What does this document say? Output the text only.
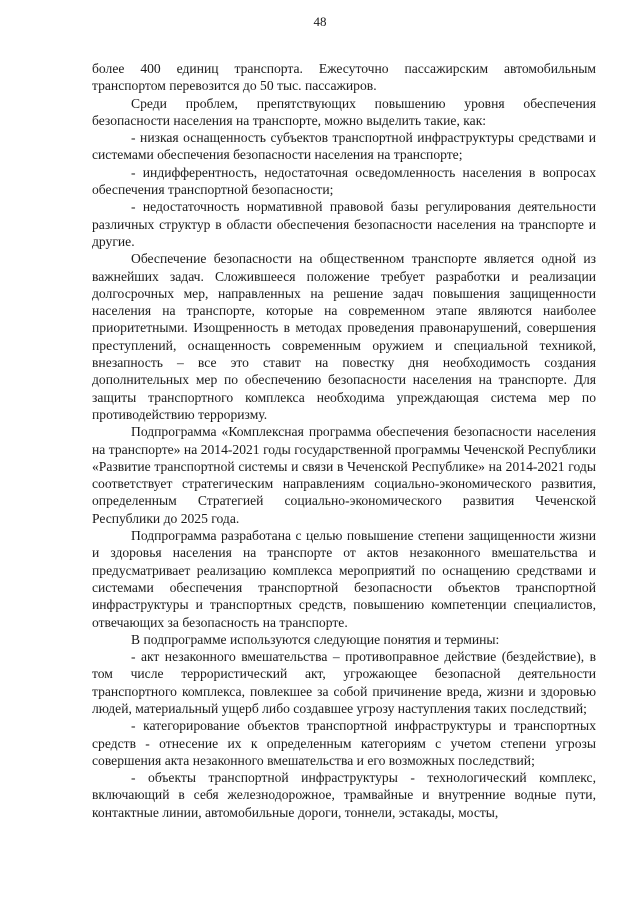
48

более 400 единиц транспорта. Ежесуточно пассажирским автомобильным транспортом перевозится до 50 тыс. пассажиров.

Среди проблем, препятствующих повышению уровня обеспечения безопасности населения на транспорте, можно выделить такие, как:

- низкая оснащенность субъектов транспортной инфраструктуры средствами и системами обеспечения безопасности населения на транспорте;

- индифферентность, недостаточная осведомленность населения в вопросах обеспечения транспортной безопасности;

- недостаточность нормативной правовой базы регулирования деятельности различных структур в области обеспечения безопасности населения на транспорте и другие.

Обеспечение безопасности на общественном транспорте является одной из важнейших задач. Сложившееся положение требует разработки и реализации долгосрочных мер, направленных на решение задач повышения защищенности населения на транспорте, которые на современном этапе являются наиболее приоритетными. Изощренность в методах проведения правонарушений, совершения преступлений, оснащенность современным оружием и специальной техникой, внезапность – все это ставит на повестку дня необходимость создания дополнительных мер по обеспечению безопасности населения на транспорте. Для защиты транспортного комплекса необходима упреждающая система мер по противодействию терроризму.

Подпрограмма «Комплексная программа обеспечения безопасности населения на транспорте» на 2014-2021 годы государственной программы Чеченской Республики «Развитие транспортной системы и связи в Чеченской Республике» на 2014-2021 годы соответствует стратегическим направлениям социально-экономического развития, определенным Стратегией социально-экономического развития Чеченской Республики до 2025 года.

Подпрограмма разработана с целью повышение степени защищенности жизни и здоровья населения на транспорте от актов незаконного вмешательства и предусматривает реализацию комплекса мероприятий по оснащению средствами и системами обеспечения транспортной безопасности объектов транспортной инфраструктуры и транспортных средств, повышению компетенции специалистов, отвечающих за безопасность на транспорте.

В подпрограмме используются следующие понятия и термины:

- акт незаконного вмешательства – противоправное действие (бездействие), в том числе террористический акт, угрожающее безопасной деятельности транспортного комплекса, повлекшее за собой причинение вреда, жизни и здоровью людей, материальный ущерб либо создавшее угрозу наступления таких последствий;

- категорирование объектов транспортной инфраструктуры и транспортных средств - отнесение их к определенным категориям с учетом степени угрозы совершения акта незаконного вмешательства и его возможных последствий;

- объекты транспортной инфраструктуры - технологический комплекс, включающий в себя железнодорожное, трамвайные и внутренние водные пути, контактные линии, автомобильные дороги, тоннели, эстакады, мосты,
